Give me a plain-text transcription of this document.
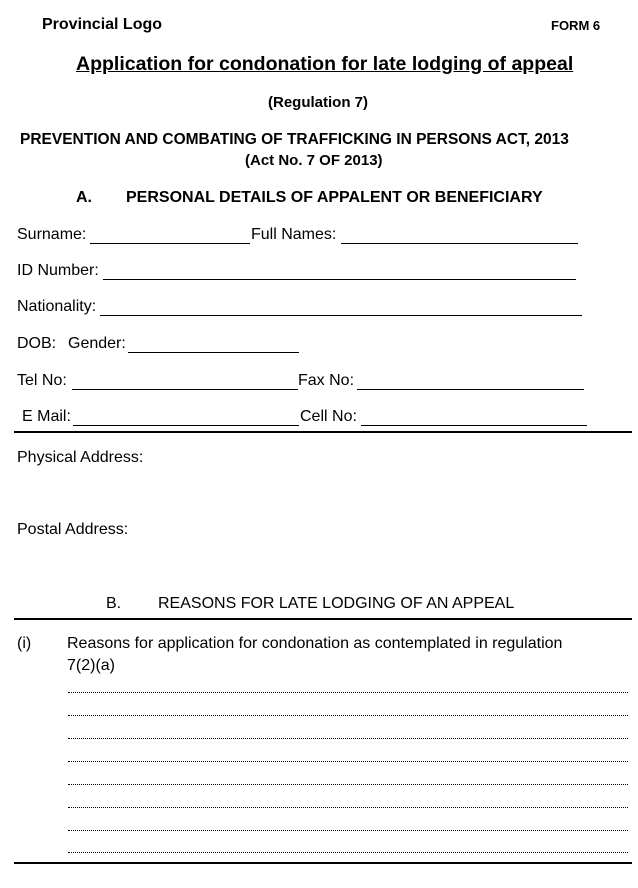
Provincial Logo	FORM 6
Application for condonation for late lodging of appeal
(Regulation 7)
PREVENTION AND COMBATING OF TRAFFICKING IN PERSONS ACT, 2013
(Act No. 7 OF 2013)
A. PERSONAL DETAILS OF APPALENT OR BENEFICIARY
Surname:	Full Names:
ID Number:
Nationality:
DOB: Gender:
Tel No:	Fax No:
E Mail:	Cell No:
Physical Address:
Postal Address:
B. REASONS FOR LATE LODGING OF AN APPEAL
(i) Reasons for application for condonation as contemplated in regulation
7(2)(a)
